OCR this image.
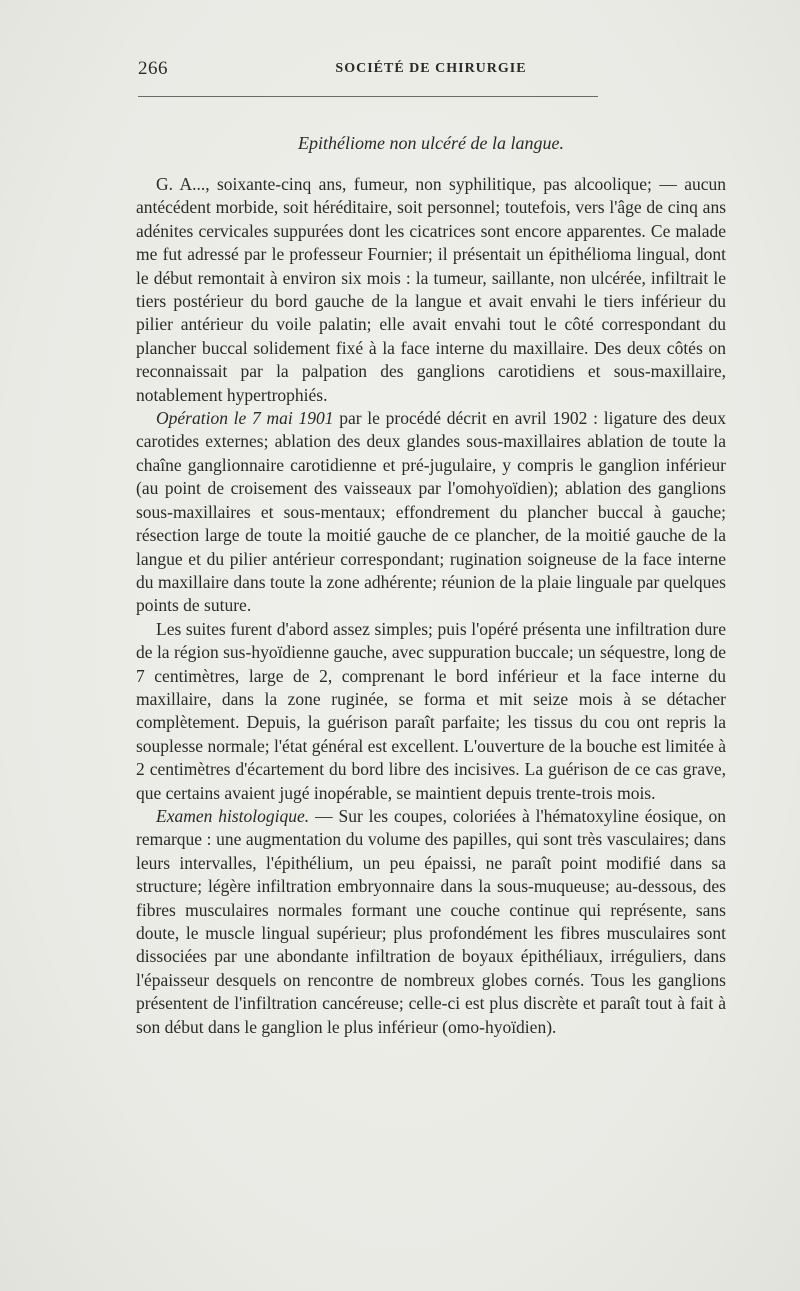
266	SOCIÉTÉ DE CHIRURGIE
Epithéliome non ulcéré de la langue.

G. A..., soixante-cinq ans, fumeur, non syphilitique, pas alcoolique; — aucun antécédent morbide, soit héréditaire, soit personnel; toutefois, vers l'âge de cinq ans adénites cervicales suppurées dont les cicatrices sont encore apparentes. Ce malade me fut adressé par le professeur Fournier; il présentait un épithélioma lingual, dont le début remontait à environ six mois : la tumeur, saillante, non ulcérée, infiltrait le tiers postérieur du bord gauche de la langue et avait envahi le tiers inférieur du pilier antérieur du voile palatin; elle avait envahi tout le côté correspondant du plancher buccal solidement fixé à la face interne du maxillaire. Des deux côtés on reconnaissait par la palpation des ganglions carotidiens et sous-maxillaire, notablement hypertrophiés.

Opération le 7 mai 1901 par le procédé décrit en avril 1902 : ligature des deux carotides externes; ablation des deux glandes sous-maxillaires ablation de toute la chaîne ganglionnaire carotidienne et pré-jugulaire, y compris le ganglion inférieur (au point de croisement des vaisseaux par l'omohyoïdien); ablation des ganglions sous-maxillaires et sous-mentaux; effondrement du plancher buccal à gauche; résection large de toute la moitié gauche de ce plancher, de la moitié gauche de la langue et du pilier antérieur correspondant; rugination soigneuse de la face interne du maxillaire dans toute la zone adhérente; réunion de la plaie linguale par quelques points de suture.

Les suites furent d'abord assez simples; puis l'opéré présenta une infiltration dure de la région sus-hyoïdienne gauche, avec suppuration buccale; un séquestre, long de 7 centimètres, large de 2, comprenant le bord inférieur et la face interne du maxillaire, dans la zone ruginée, se forma et mit seize mois à se détacher complètement. Depuis, la guérison paraît parfaite; les tissus du cou ont repris la souplesse normale; l'état général est excellent. L'ouverture de la bouche est limitée à 2 centimètres d'écartement du bord libre des incisives. La guérison de ce cas grave, que certains avaient jugé inopérable, se maintient depuis trente-trois mois.

Examen histologique. — Sur les coupes, coloriées à l'hématoxyline éosique, on remarque : une augmentation du volume des papilles, qui sont très vasculaires; dans leurs intervalles, l'épithélium, un peu épaissi, ne paraît point modifié dans sa structure; légère infiltration embryonnaire dans la sous-muqueuse; au-dessous, des fibres musculaires normales formant une couche continue qui représente, sans doute, le muscle lingual supérieur; plus profondément les fibres musculaires sont dissociées par une abondante infiltration de boyaux épithéliaux, irréguliers, dans l'épaisseur desquels on rencontre de nombreux globes cornés. Tous les ganglions présentent de l'infiltration cancéreuse; celle-ci est plus discrète et paraît tout à fait à son début dans le ganglion le plus inférieur (omo-hyoïdien).
